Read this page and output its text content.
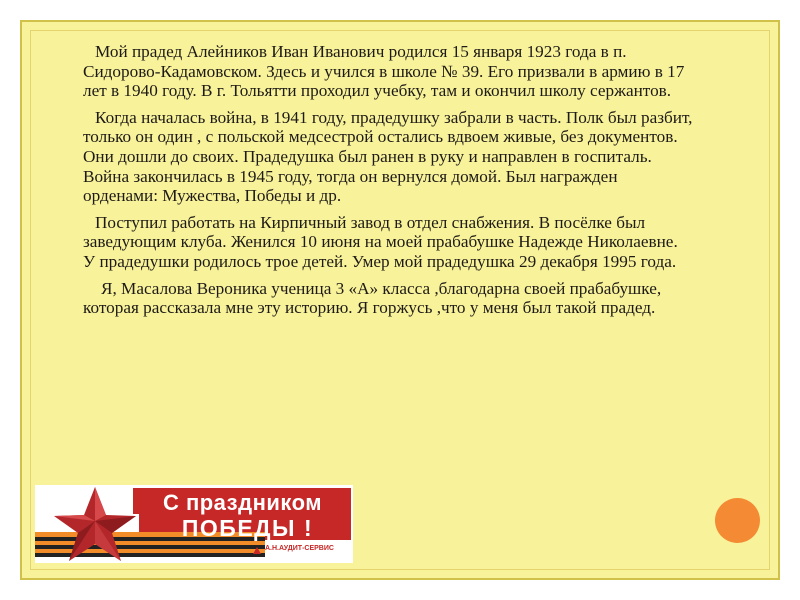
Мой прадед Алейников Иван Иванович родился 15 января 1923 года в п. Сидорово-Кадамовском. Здесь и учился в школе № 39. Его призвали в армию в 17 лет в 1940 году. В г. Тольятти проходил учебку, там и окончил школу сержантов.

Когда началась война, в 1941 году, прадедушку забрали в часть. Полк был разбит, только он один , с польской медсестрой остались вдвоем живые, без документов. Они дошли до своих. Прадедушка был ранен в руку и направлен в госпиталь. Война закончилась в 1945 году, тогда он вернулся домой. Был награжден орденами: Мужества, Победы и др.

Поступил работать на Кирпичный завод в отдел снабжения. В посёлке был заведующим клуба. Женился 10 июня на моей прабабушке Надежде Николаевне. У прадедушки родилось трое детей. Умер мой прадедушка 29 декабря 1995 года.

Я, Масалова Вероника ученица 3 «А» класса ,благодарна своей прабабушке, которая рассказала мне эту историю. Я горжусь ,что у меня был такой прадед.

С праздником
ПОБЕДЫ !
А.Н.АУДИТ-СЕРВИС
